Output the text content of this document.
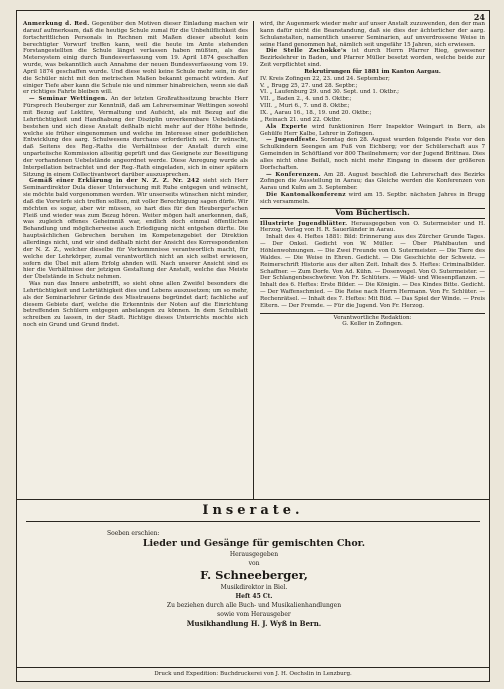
24

Anmerkung d. Red. Gegenüber den Motiven dieser Einladung machen wir darauf aufmerksam, daß die heutige Schule zumal für die Unbehilflichkeit des fortschrittlichen Personals in Rechnen mit Maßen dieser absolut kein berechtigter Vorwurf treffen kann, weil die heute im Amte stehenden Forstangestellten die Schule längst verlassen haben müßten, als das Metersystem einig durch Bundesverfassung vom 19. April 1874 geschaffen wurde, was bekanntlich auch Annahme der neuen Bundesverfassung vom 19. April 1874 geschaffen wurde. Und diese wohl keine Schule mehr sein, in der die Schüler nicht mit den metrischen Maßen bekannt gemacht würden. Auf einiger Tiefe aber kann die Schule nie und nimmer hinabreichen, wenn sie daß er richtiges Fahrte bleiben will.

— Seminar Wettingen. An der letzten Großrathssitzung brachte Herr Fürsprech Heuberger zur Kenntniß, daß am Lehrerseminar Wettingen sowohl mit Bezug auf Lektüre, Vermaltung und Aufsicht, als mit Bezug auf die Lehrtüchtigkeit und Handhabung der Disziplin unverkennbare Uebelstände bestehen und sich diese Anstalt deßhalb nicht mehr auf der Höhe befinde, welche sie früher eingenommen und welche im Interesse einer gedeihlichen Entwicklung des aarg. Schulwesens durchaus erforderlich sei. Er wünscht, daß Seitens des Reg.-Raths die Verhältnisse der Anstalt durch eine unparteiische Kommission allseitig geprüft und das Geeignete zur Beseitigung der vorhandenen Uebelstände angeordnet werde. Diese Anregung wurde als Interpellation betrachtet und der Reg.-Rath eingeladen, sich in einer spätern Sitzung in einem Collectivantwort darüber auszusprechen.

Gemäß einer Erklärung in der N. Z. Z. Nr. 242 sieht sich Herr Seminardirektor Dula dieser Untersuchung mit Ruhe entgegen und wünscht, sie möchte bald vorgenommen werden. Wir unserseits wünschen nicht minder, daß die Vorwürfe sich treffen sollten, mit voller Berechtigung sagen dürfe. Wir möchten es sogar, aber wir müssen, so hart dies für den Heuberger'schen Fleiß und wieder was zum Bezug hören. Weiter mögen halt anerkennen, daß, was zugleich offenes Geheimniß war, endlich doch einmal öffentlichen Behandlung und möglicherweise auch Erledigung nicht entgehen dürfte. Die hauptsächlichen Gebrechen beruhen im Kompetenzgebiet der Direktion allerdings nicht, und wir sind deßhalb nicht der Ansicht des Korrespondenten der N. Z. Z., welcher dieselbe für Vorkommnisse verantwortlich macht, für welche der Lehrkörper, zumal verantwortlich nicht an sich selbst erwiesen, sofern die Übel mit allem Erfolg ahnden will. Nach unserer Ansicht sind es hier die Verhältnisse der jetzigen Gestaltung der Anstalt, welche das Meiste der Übelstände in Schutz nehmen.

Was nun das Innere anbetrifft, so sieht ohne allen Zweifel besonders die Lehrtüchtigkeit und Lehrtäthigkeit dies und Lebens auszusetzen; um so mehr, als der Seminarlehrer Gründe des Misstrauens begründet darf; fachliche auf diesem Gebiete darf, welche die Erkenntnis der Noten auf die Einrichtung betreffenden Schülern entgegen anbelangen zu können. In dem Schulblatt schreiben zu lassen, in der Stadt. Richtige dieses Unterrichts mochte sich noch ein Grund und Grund findet.

wird, ihr Augenmerk wieder mehr auf unser Anstalt zuzuwenden, den der man kann dafür nicht die Beanstandung, daß sie dies der ächterlicher der aarg. Schulanstalten, namentlich unserer Seminarien, auf unverdrossene Weise in seine Hand genommen hat, nämlich seit ungefähr 15 Jahren, sich erwiesen.

Die Stelle Zschokke's ist durch Herrn Pfarrer Rieg, gewesener Bezirkslehrer in Baden, und Pfarrer Müller besetzt worden, welche beide zur Zeit verpflichtet sind.

Rekrutirungen für 1881 im Kanton Aargau.

IV. Kreis Zofingen 22, 23. und 24. September;
V. „ Brugg 25, 27. und 28. Septbr.;
VI. „ Laufenburg 29. und 30. Sept. und 1. Oktbr.;
VII. „ Baden 2., 4. und 5. Oktbr.;
VIII. „ Muri 6., 7. und 8. Oktbr.;
IX. „ Aarau 16., 18., 19. und 20. Oktbr.;
„ Reinach 21. und 22. Oktbr.

Als Experte wird funktioniren Herr Inspektor Weingart in Bern, als Gehülfe Herr Kalbe, Lehrer in Zofingen.

— Jugendfeste. Sonntag den 28. August wurden folgende Feste vor den Schulkindern Seengen am Fuß von Eichberg; vor der Schülerschaft aus 7 Gemeinden in Schöftland vor 800 Theilnehmern; vor der Jugend Brittnau. Dies alles nicht ohne Beifall, noch nicht mehr Eingang in diesem der größeren Dorfschaften.

— Konferenzen. Am 28. August beschloß die Lehrerschaft des Bezirks Zofingen die Ausstellung in Aarau; das Gleiche werden die Konferenzen von Aarau und Kulm am 3. September.

Die Kantonalkonferenz wird am 15. Septbr. nächsten Jahres in Brugg sich versammeln.

Vom Büchertisch.

Illustrirte Jugendblätter. Herausgegeben von O. Sutermeister und H. Herzog. Verlag von H. R. Sauerländer in Aarau.

Inhalt des 4. Heftes 1881: Bild: Erinnerung aus des Zürcher Grunde Tages. — Der Onkel. Gedicht von W. Müller. — Über Pfahlbauten und Höhlenwohnungen. — Die Zwei Freunde von O. Sutermeister. — Die Tiere des Waldes. — Die Weise in Ehren. Gedicht. — Die Geschichte der Schweiz. — Reimerschrift Historie aus der alten Zeit. Inhalt des 5. Heftes: Criminalbilder. Schaffner. — Zum Dorfe. Von Ad. Kühn. — Dosenvogel. Von O. Sutermeister. — Der Schlangenbeschwörer. Von Fr. Schlüters. — Wald- und Wiesenpflanzen. — Inhalt des 6. Heftes: Erste Bilder. — Die Königin. — Des Kindes Bitte. Gedicht. — Der Waffenschmied. — Die Reise nach Herrn Hermann. Von Fr. Schlüter. — Rechenrätsel. — Inhalt des 7. Heftes: Mit Bild. — Das Spiel der Winde. — Preis Eltern. — Der Fremde. — Für die Jugend. Von Fr. Herzog.

Verantwortliche Redaktion:
G. Keller in Zofingen.
Inserate.
Soeben erschien:
Lieder und Gesänge für gemischten Chor.
Herausgegeben
von
F. Schneeberger,
Musikdirektor in Biel.
Heft 45 Ct.
Zu beziehen durch alle Buch- und Musikalienhandlungen
sowie vom Herausgeber
Musikhandlung H. J. Wyß in Bern.
Druck und Expedition: Buchdruckerei von J. H. Oechslin in Lenzburg.
